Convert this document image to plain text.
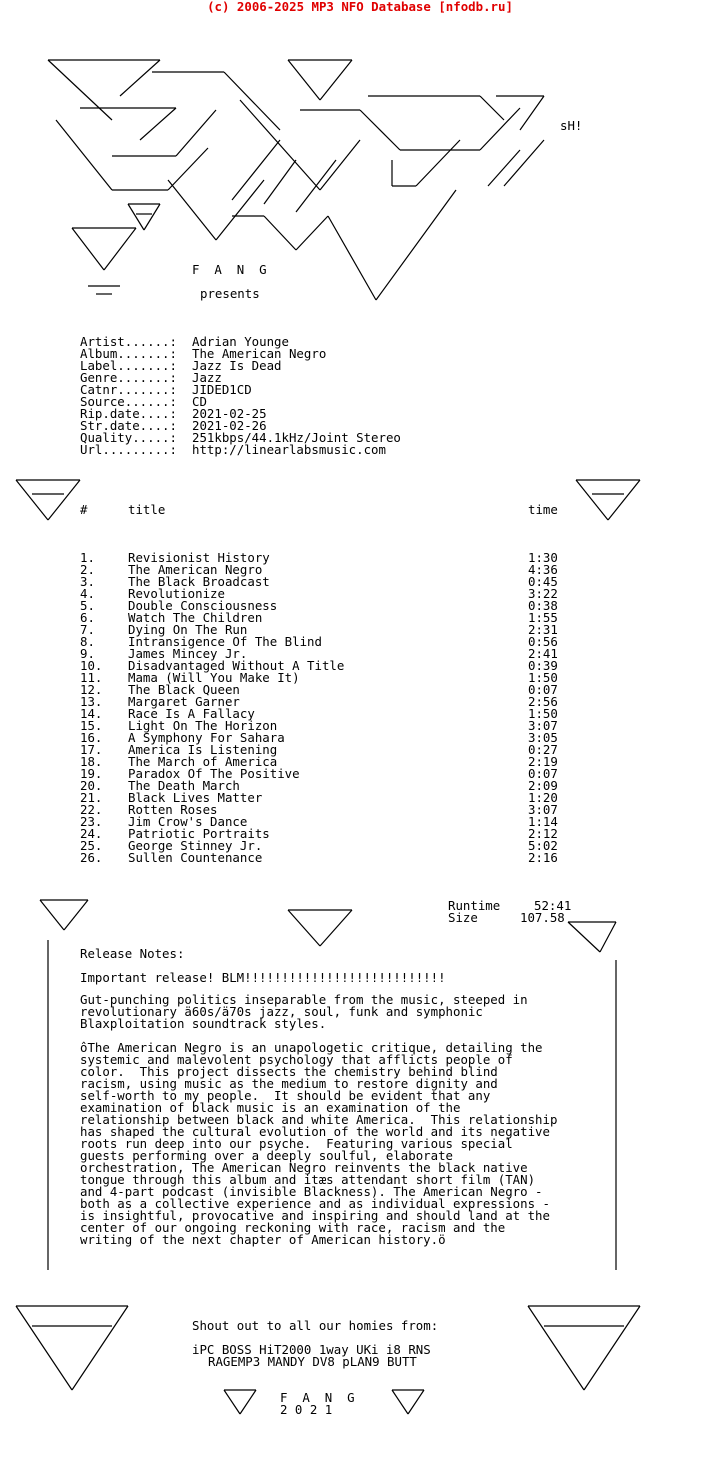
(c) 2006-2025 MP3 NFO Database [nfodb.ru]
sH!
F  A  N  G
presents
Artist......: Adrian Younge
Album.......: The American Negro
Label.......: Jazz Is Dead
Genre.......: Jazz
Catnr.......: JIDED1CD
Source......: CD
Rip.date....: 2021-02-25
Str.date....: 2021-02-26
Quality.....: 251kbps/44.1kHz/Joint Stereo
Url.........: http://linearlabsmusic.com
#	title	time
1.	Revisionist History	1:30
2.	The American Negro	4:36
3.	The Black Broadcast	0:45
4.	Revolutionize	3:22
5.	Double Consciousness	0:38
6.	Watch The Children	1:55
7.	Dying On The Run	2:31
8.	Intransigence Of The Blind	0:56
9.	James Mincey Jr.	2:41
10. Disadvantaged Without A Title	0:39
11. Mama (Will You Make It)	1:50
12. The Black Queen	0:07
13. Margaret Garner	2:56
14. Race Is A Fallacy	1:50
15. Light On The Horizon	3:07
16. A Symphony For Sahara	3:05
17. America Is Listening	0:27
18. The March of America	2:19
19. Paradox Of The Positive	0:07
20. The Death March	2:09
21. Black Lives Matter	1:20
22. Rotten Roses	3:07
23. Jim Crow's Dance	1:14
24. Patriotic Portraits	2:12
25. George Stinney Jr.	5:02
26. Sullen Countenance	2:16
Runtime	52:41
Size	107.58

Release Notes:

Important release! BLM!!!!!!!!!!!!!!!!!!!!!!!!!!!

Gut-punching politics inseparable from the music, steeped in

revolutionary ä60s/ä70s jazz, soul, funk and symphonic

Blaxploitation soundtrack styles.

ôThe American Negro is an unapologetic critique, detailing the

systemic and malevolent psychology that afflicts people of

color.  This project dissects the chemistry behind blind

racism, using music as the medium to restore dignity and

self-worth to my people.  It should be evident that any

examination of black music is an examination of the

relationship between black and white America.  This relationship

has shaped the cultural evolution of the world and its negative

roots run deep into our psyche.  Featuring various special

guests performing over a deeply soulful, elaborate

orchestration, The American Negro reinvents the black native

tongue through this album and itæs attendant short film (TAN)

and 4-part podcast (invisible Blackness). The American Negro -

both as a collective experience and as individual expressions -

is insightful, provocative and inspiring and should land at the

center of our ongoing reckoning with race, racism and the

writing of the next chapter of American history.ö

Shout out to all our homies from:
iPC BOSS HiT2000 1way UKi i8 RNS
RAGEMP3 MANDY DV8 pLAN9 BUTT
F  A  N  G
2 0 2 1
